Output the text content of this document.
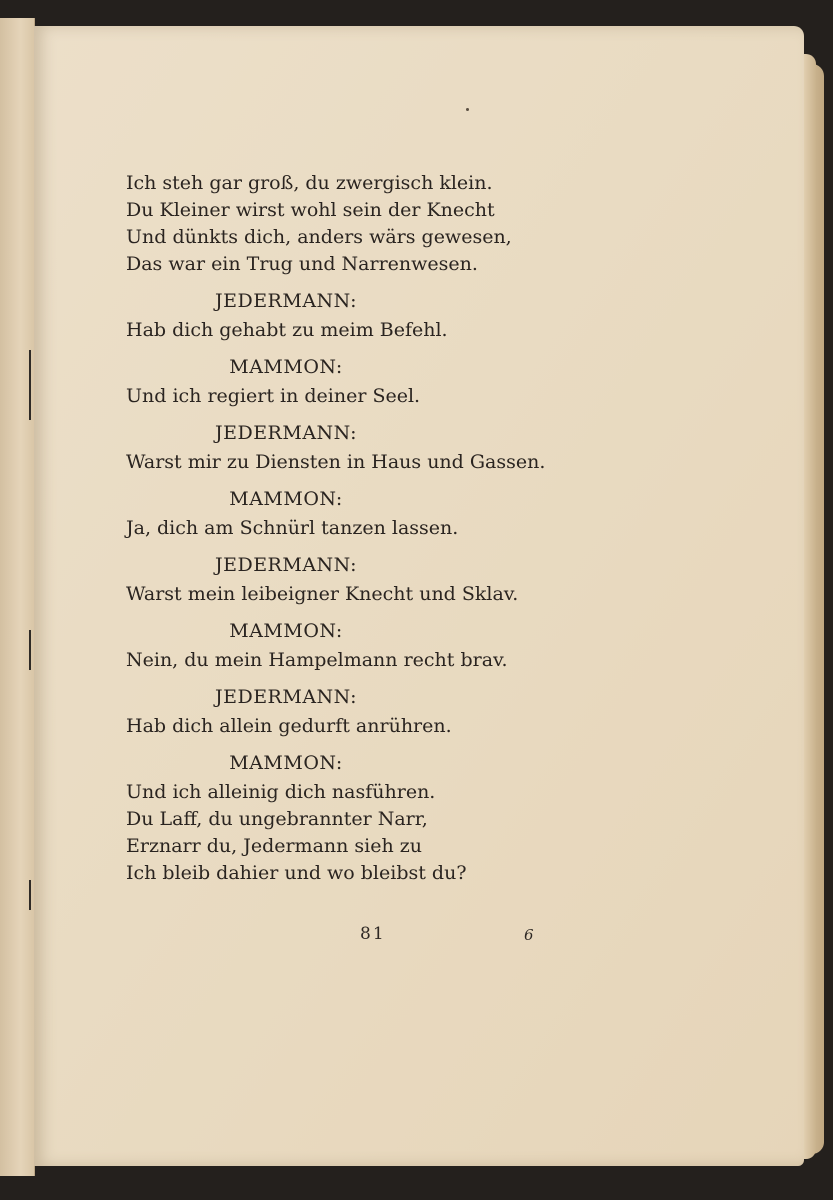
Ich steh gar groß, du zwergisch klein.
Du Kleiner wirst wohl sein der Knecht
Und dünkts dich, anders wärs gewesen,
Das war ein Trug und Narrenwesen.
JEDERMANN:
Hab dich gehabt zu meim Befehl.
MAMMON:
Und ich regiert in deiner Seel.
JEDERMANN:
Warst mir zu Diensten in Haus und Gassen.
MAMMON:
Ja, dich am Schnürl tanzen lassen.
JEDERMANN:
Warst mein leibeigner Knecht und Sklav.
MAMMON:
Nein, du mein Hampelmann recht brav.
JEDERMANN:
Hab dich allein gedurft anrühren.
MAMMON:
Und ich alleinig dich nasführen.
Du Laff, du ungebrannter Narr,
Erznarr du, Jedermann sieh zu
Ich bleib dahier und wo bleibst du?
81	6
